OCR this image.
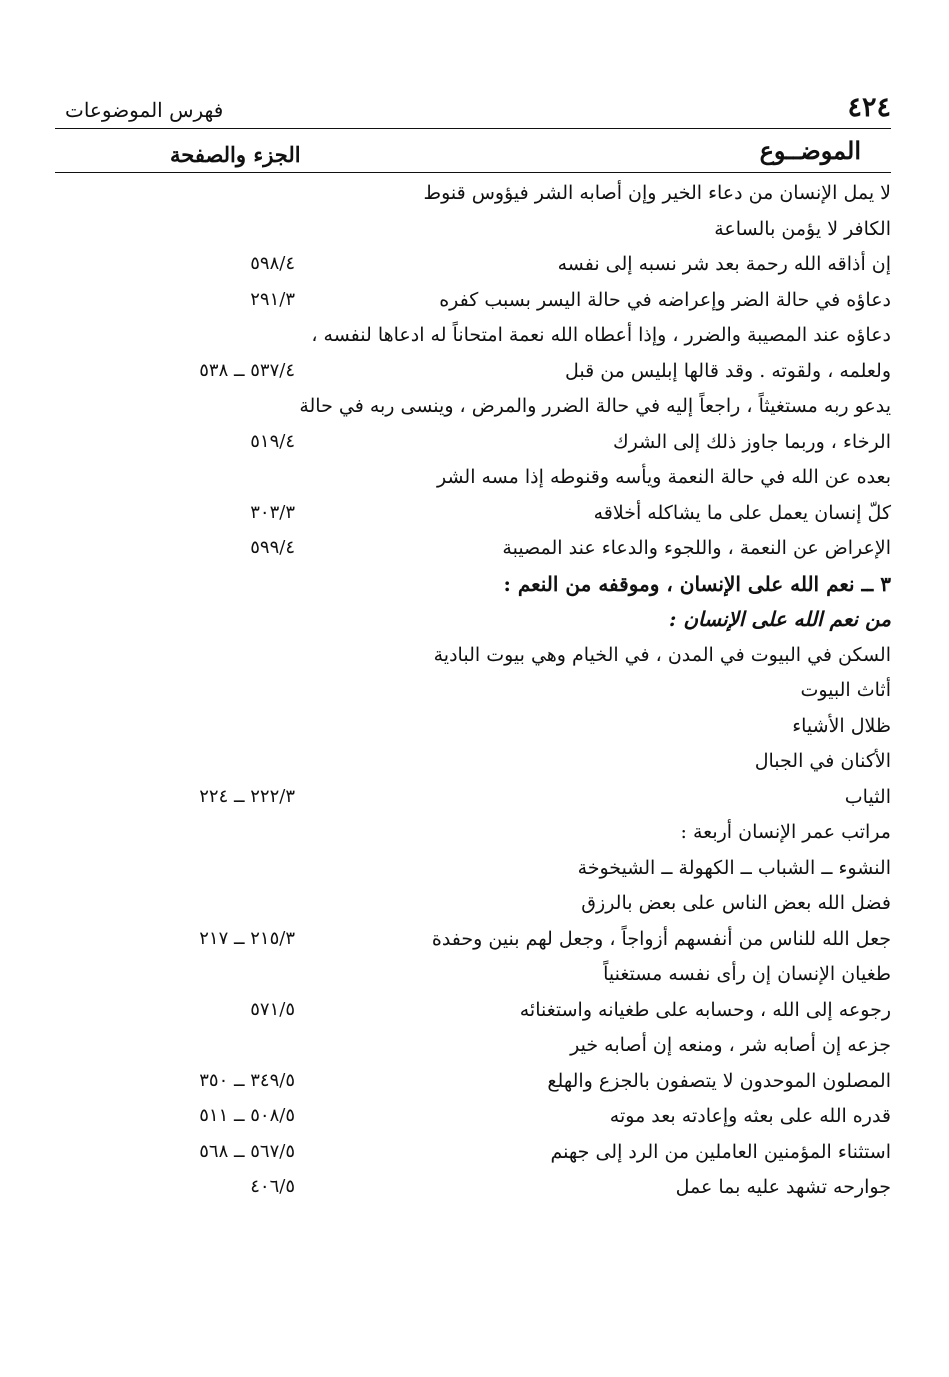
٤٢٤
فهرس الموضوعات
الموضــوع
الجزء والصفحة
لا يمل الإنسان من دعاء الخير وإن أصابه الشر فيؤوس قنوط
الكافر لا يؤمن بالساعة
إن أذاقه الله رحمة بعد شر نسبه إلى نفسه
٥٩٨/٤
دعاؤه في حالة الضر وإعراضه في حالة اليسر بسبب كفره
٢٩١/٣
دعاؤه عند المصيبة والضرر ، وإذا أعطاه الله نعمة امتحاناً له ادعاها لنفسه ،
ولعلمه ، ولقوته . وقد قالها إبليس من قبل
٥٣٧/٤ ــ ٥٣٨
يدعو ربه مستغيثاً ، راجعاً إليه في حالة الضرر والمرض ، وينسى ربه في حالة
الرخاء ، وربما جاوز ذلك إلى الشرك
٥١٩/٤
بعده عن الله في حالة النعمة ويأسه وقنوطه إذا مسه الشر
كلّ إنسان يعمل على ما يشاكله أخلاقه
٣٠٣/٣
الإعراض عن النعمة ، واللجوء والدعاء عند المصيبة
٥٩٩/٤
٣ ــ نعم الله على الإنسان ، وموقفه من النعم :
من نعم الله على الإنسان :
السكن في البيوت في المدن ، في الخيام وهي بيوت البادية
أثاث البيوت
ظلال الأشياء
الأكنان في الجبال
الثياب
٢٢٢/٣ ــ ٢٢٤
مراتب عمر الإنسان أربعة :
النشوء ــ الشباب ــ الكهولة ــ الشيخوخة
فضل الله بعض الناس على بعض بالرزق
جعل الله للناس من أنفسهم أزواجاً ، وجعل لهم بنين وحفدة
٢١٥/٣ ــ ٢١٧
طغيان الإنسان إن رأى نفسه مستغنياً
رجوعه إلى الله ، وحسابه على طغيانه واستغنائه
٥٧١/٥
جزعه إن أصابه شر ، ومنعه إن أصابه خير
المصلون الموحدون لا يتصفون بالجزع والهلع
٣٤٩/٥ ــ ٣٥٠
قدره الله على بعثه وإعادته بعد موته
٥٠٨/٥ ــ ٥١١
استثناء المؤمنين العاملين من الرد إلى جهنم
٥٦٧/٥ ــ ٥٦٨
جوارحه تشهد عليه بما عمل
٤٠٦/٥
